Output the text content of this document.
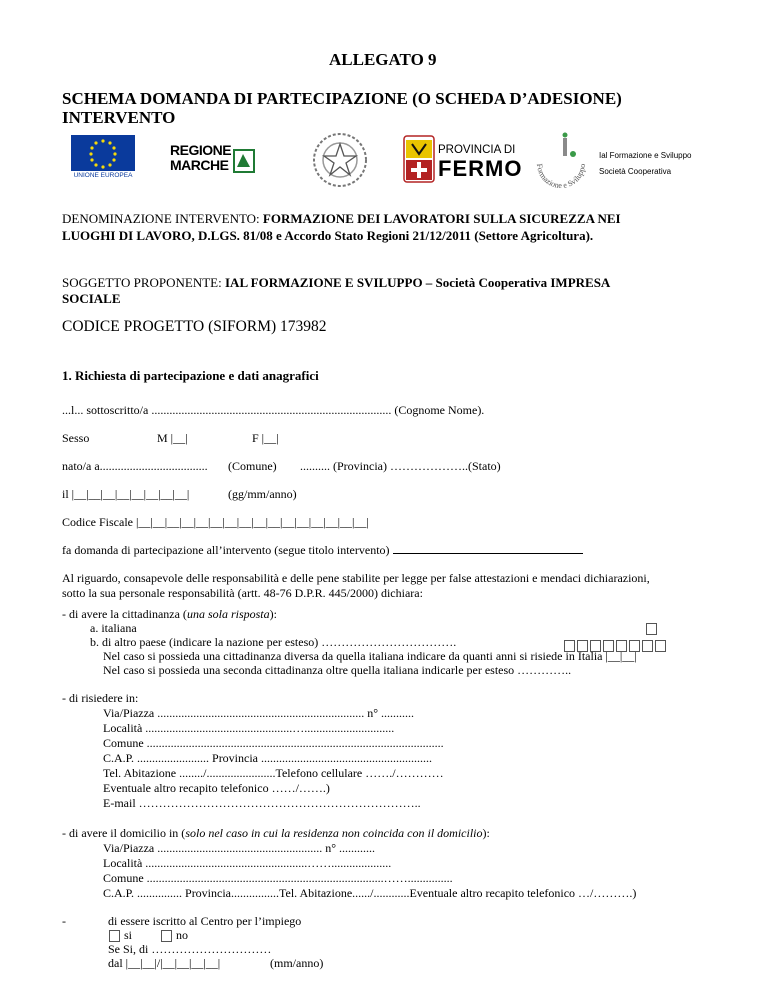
ALLEGATO 9
SCHEMA DOMANDA DI PARTECIPAZIONE (O SCHEDA D’ADESIONE)
INTERVENTO
UNIONE EUROPEA
REGIONE
MARCHE
PROVINCIA DI
FERMO Formazione e Sviluppo
Ial Formazione e Sviluppo
Società Cooperativa
DENOMINAZIONE INTERVENTO: FORMAZIONE DEI LAVORATORI SULLA SICUREZZA NEI
LUOGHI DI LAVORO, D.LGS. 81/08 e Accordo Stato Regioni 21/12/2011 (Settore Agricoltura).
SOGGETTO PROPONENTE: IAL FORMAZIONE E SVILUPPO – Società Cooperativa IMPRESA
SOCIALE
CODICE PROGETTO (SIFORM) 173982
1. Richiesta di partecipazione e dati anagrafici
...l... sottoscritto/a ................................................................................ (Cognome Nome).
Sesso	M |__|	F |__|
nato/a a.................................... (Comune) .......... (Provincia) ………………..(Stato)
il |__|__|__|__|__|__|__|__|	(gg/mm/anno)
Codice Fiscale |__|__|__|__|__|__|__|__|__|__|__|__|__|__|__|__|
fa domanda di partecipazione all’intervento (segue titolo intervento)
Al riguardo, consapevole delle responsabilità e delle pene stabilite per legge per false attestazioni e mendaci dichiarazioni,
sotto la sua personale responsabilità (artt. 48-76 D.P.R. 445/2000) dichiara:
- di avere la cittadinanza (una sola risposta):
a. italiana
b. di altro paese (indicare la nazione per esteso) …………………………….
Nel caso si possieda una cittadinanza diversa da quella italiana indicare da quanti anni si risiede in Italia |__|__|
Nel caso si possieda una seconda cittadinanza oltre quella italiana indicarle per esteso …………..
- di risiedere in:
Via/Piazza ..................................................................... n° ...........
Località .................................................…..............................
Comune ...................................................................................................
C.A.P. ........................ Provincia .........................................................
Tel. Abitazione ......../.......................Telefono cellulare ……./…………
Eventuale altro recapito telefonico ……/…….)
E-mail ……………………………………………………………..
- di avere il domicilio in (solo nel caso in cui la residenza non coincida con il domicilio):
Via/Piazza ....................................................... n° ............
Località ......................................................……....................
Comune ...............................................................................……...............
C.A.P. ............... Provincia................Tel. Abitazione....../............Eventuale altro recapito telefonico …/……….)
-	di essere iscritto al Centro per l’impiego
si	no
Se Si, di …………………………
dal |__|__|/|__|__|__|__|	(mm/anno)
